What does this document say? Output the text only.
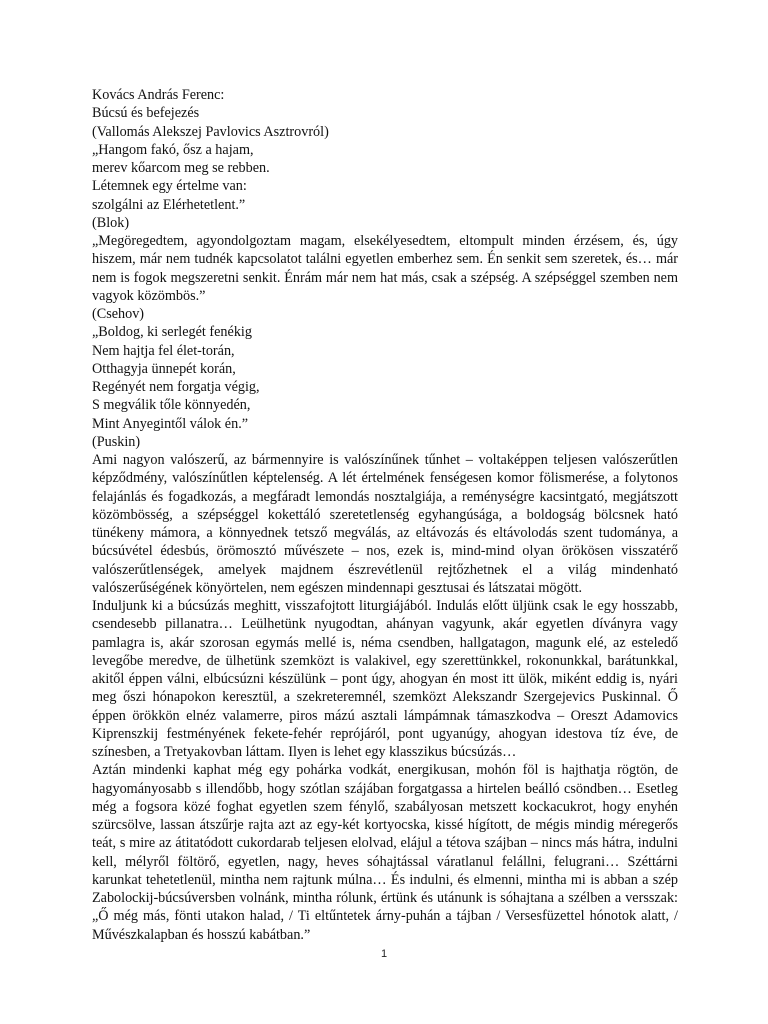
Kovács András Ferenc:
Búcsú és befejezés
(Vallomás Alekszej Pavlovics Asztrovról)
„Hangom fakó, ősz a hajam,
merev kőarcom meg se rebben.
Létemnek egy értelme van:
szolgálni az Elérhetetlent.”
(Blok)

„Megöregedtem, agyondolgoztam magam, elsekélyesedtem, eltompult minden érzésem, és, úgy hiszem, már nem tudnék kapcsolatot találni egyetlen emberhez sem. Én senkit sem szeretek, és… már nem is fogok megszeretni senkit. Énrám már nem hat más, csak a szépség. A szépséggel szemben nem vagyok közömbös.”

(Csehov)
„Boldog, ki serlegét fenékig
Nem hajtja fel élet-torán,
Otthagyja ünnepét korán,
Regényét nem forgatja végig,
S megválik tőle könnyedén,
Mint Anyegintől válok én.”
(Puskin)

Ami nagyon valószerű, az bármennyire is valószínűnek tűnhet – voltaképpen teljesen valószerűtlen képződmény, valószínűtlen képtelenség. A lét értelmének fenségesen komor fölismerése, a folytonos felajánlás és fogadkozás, a megfáradt lemondás nosztalgiája, a reménységre kacsintgató, megjátszott közömbösség, a szépséggel kokettáló szeretetlenség egyhangúsága, a boldogság bölcsnek ható tünékeny mámora, a könnyednek tetsző megválás, az eltávozás és eltávolodás szent tudománya, a búcsúvétel édesbús, örömosztó művészete – nos, ezek is, mind-mind olyan örökösen visszatérő valószerűtlenségek, amelyek majdnem észrevétlenül rejtőzhetnek el a világ mindenható valószerűségének könyörtelen, nem egészen mindennapi gesztusai és látszatai mögött.

Induljunk ki a búcsúzás meghitt, visszafojtott liturgiájából. Indulás előtt üljünk csak le egy hosszabb, csendesebb pillanatra… Leülhetünk nyugodtan, ahányan vagyunk, akár egyetlen díványra vagy pamlagra is, akár szorosan egymás mellé is, néma csendben, hallgatagon, magunk elé, az esteledő levegőbe meredve, de ülhetünk szemközt is valakivel, egy szerettünkkel, rokonunkkal, barátunkkal, akitől éppen válni, elbúcsúzni készülünk – pont úgy, ahogyan én most itt ülök, miként eddig is, nyári meg őszi hónapokon keresztül, a szekreteremnél, szemközt Alekszandr Szergejevics Puskinnal. Ő éppen örökkön elnéz valamerre, piros mázú asztali lámpámnak támaszkodva – Oreszt Adamovics Kiprenszkij festményének fekete-fehér reprójáról, pont ugyanúgy, ahogyan idestova tíz éve, de színesben, a Tretyakovban láttam. Ilyen is lehet egy klasszikus búcsúzás…

Aztán mindenki kaphat még egy pohárka vodkát, energikusan, mohón föl is hajthatja rögtön, de hagyományosabb s illendőbb, hogy szótlan szájában forgatgassa a hirtelen beálló csöndben… Esetleg még a fogsora közé foghat egyetlen szem fénylő, szabályosan metszett kockacukrot, hogy enyhén szürcsölve, lassan átszűrje rajta azt az egy-két kortyocska, kissé hígított, de mégis mindig méregerős teát, s mire az átitatódott cukordarab teljesen elolvad, elájul a tétova szájban – nincs más hátra, indulni kell, mélyről föltörő, egyetlen, nagy, heves sóhajtással váratlanul felállni, felugrani… Széttárni karunkat tehetetlenül, mintha nem rajtunk múlna… És indulni, és elmenni, mintha mi is abban a szép Zabolockij-búcsúversben volnánk, mintha rólunk, értünk és utánunk is sóhajtana a szélben a versszak: „Ő még más, fönti utakon halad, / Ti eltűntetek árny-puhán a tájban / Versesfüzettel hónotok alatt, / Művészkalapban és hosszú kabátban.”

1
